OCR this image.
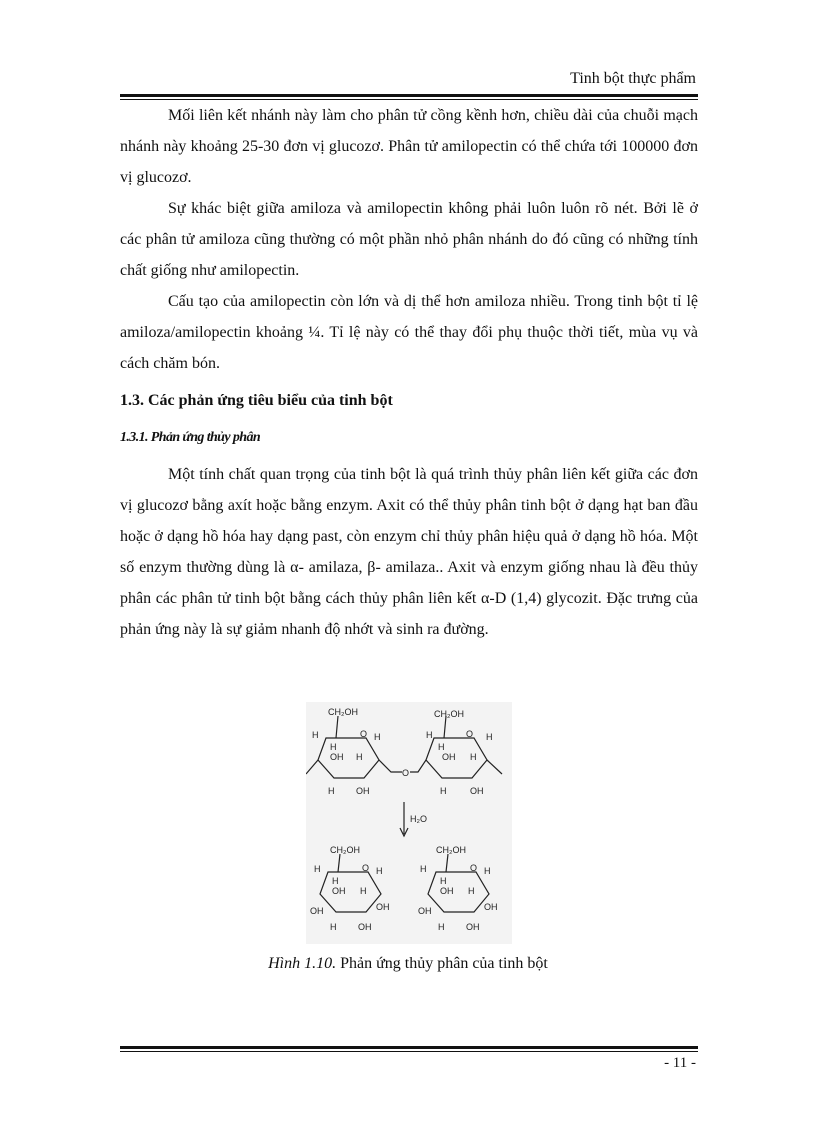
Tinh bột thực phẩm

Mối liên kết nhánh này làm cho phân tử cồng kềnh hơn, chiều dài của chuỗi mạch nhánh này khoảng 25-30 đơn vị glucozơ. Phân tử amilopectin có thể chứa tới 100000 đơn vị glucozơ.

Sự khác biệt giữa amiloza và amilopectin không phải luôn luôn rõ nét. Bởi lẽ ở các phân tử amiloza cũng thường có một phần nhỏ phân nhánh do đó cũng có những tính chất giống như amilopectin.

Cấu tạo của amilopectin còn lớn và dị thể hơn amiloza nhiều. Trong tinh bột tỉ lệ amiloza/amilopectin khoảng ¼. Tỉ lệ này có thể thay đổi phụ thuộc thời tiết, mùa vụ và cách chăm bón.

1.3. Các phản ứng tiêu biểu của tinh bột

1.3.1. Phản ứng thủy phân

Một tính chất quan trọng của tinh bột là quá trình thủy phân liên kết giữa các đơn vị glucozơ bằng axít hoặc bằng enzym. Axit có thể thủy phân tinh bột ở dạng hạt ban đầu hoặc ở dạng hồ hóa hay dạng past, còn enzym chỉ thủy phân hiệu quả ở dạng hồ hóa. Một số enzym thường dùng là α- amilaza, β- amilaza.. Axit và enzym giống nhau là đều thủy phân các phân tử tinh bột bằng cách thủy phân liên kết α-D (1,4) glycozit. Đặc trưng của phản ứng này là sự giảm nhanh độ nhớt và sinh ra đường.

CH₂OH	CH₂OH
H	O H
H
OH H
H OH
O
H	O H
H
OH H
H	OH
H₂O
CH₂OH	CH₂OH
H	O H
H
OH H
OH	OH
H OH
H	O H
H
OH H
OH	OH
H OH
Hình 1.10. Phản ứng thủy phân của tinh bột
- 11 -
